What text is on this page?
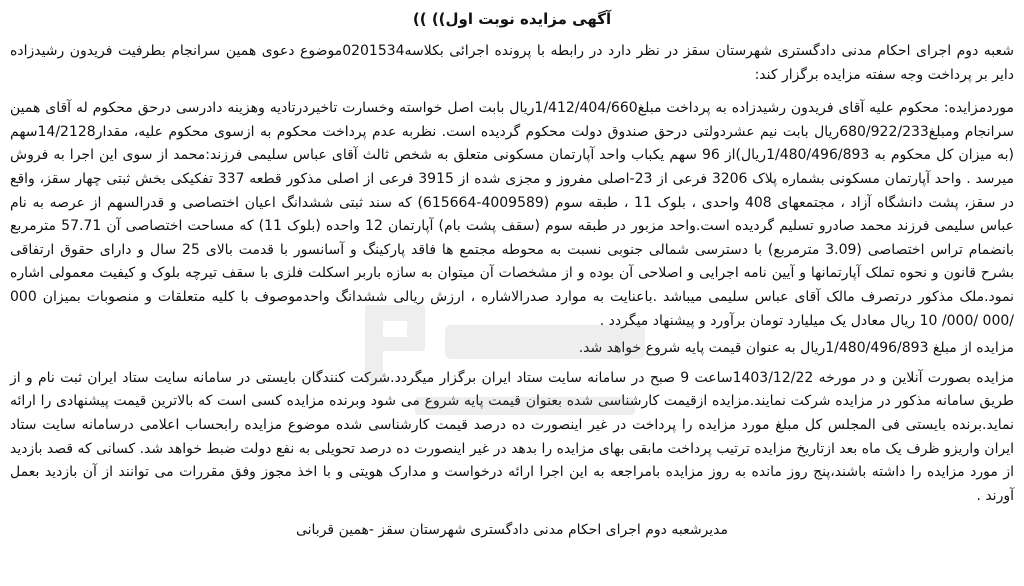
آگهی مزایده نوبت اول)) ))

شعبه دوم اجرای احکام مدنی دادگستری شهرستان سقز در نظر دارد در رابطه با پرونده اجرائی بکلاسه0201534موضوع دعوی همین سرانجام بطرفیت فریدون رشیدزاده دایر بر پرداخت وجه سفته مزایده برگزار کند:

موردمزایده: محکوم علیه آقای فریدون رشیدزاده به پرداخت مبلغ1/412/404/660ریال بابت اصل خواسته وخسارت تاخیردرتادیه وهزینه دادرسی درحق محکوم له آقای همین سرانجام ومبلغ680/922/233ریال بابت نیم عشردولتی درحق صندوق دولت محکوم گردیده است. نظربه عدم پرداخت محکوم به ازسوی محکوم علیه، مقدار14/2128سهم (به میزان کل محکوم به 1/480/496/893ریال)از 96 سهم یکباب واحد آپارتمان مسکونی متعلق به شخص ثالث آقای عباس سلیمی فرزند:محمد از سوی این اجرا به فروش میرسد . واحد آپارتمان مسکونی بشماره پلاک 3206 فرعی از 23-اصلی مفروز و مجزی شده از 3915 فرعی از اصلی مذکور قطعه 337 تفکیکی بخش ثبتی چهار سقز، واقع در سقز، پشت دانشگاه آزاد ، مجتمعهای 408 واحدی ، بلوک 11 ، طبقه سوم (4009589-615664) که سند ثبتی ششدانگ اعیان اختصاصی و قدرالسهم از عرصه به نام عباس سلیمی فرزند محمد صادرو تسلیم گردیده است.واحد مزبور در طبقه سوم (سقف پشت بام) آپارتمان 12 واحده (بلوک 11) که مساحت اختصاصی آن 57.71 مترمربع بانضمام تراس اختصاصی (3.09 مترمربع) با دسترسی شمالی جنوبی نسبت به محوطه مجتمع ها فاقد پارکینگ و آسانسور با قدمت بالای 25 سال و دارای حقوق ارتفاقی بشرح قانون و نحوه تملک آپارتمانها و آیین نامه اجرایی و اصلاحی آن بوده و از مشخصات آن میتوان به سازه باربر اسکلت فلزی با سقف تیرچه بلوک و کیفیت معمولی اشاره نمود.ملک مذکور درتصرف مالک آقای عباس سلیمی میباشد .باعنایت به موارد صدرالاشاره ، ارزش ریالی ششدانگ واحدموصوف با کلیه متعلقات و منصوبات بمیزان 000 /000 /000/ 10 ریال معادل یک میلیارد تومان برآورد و پیشنهاد میگردد .

مزایده از مبلغ 1/480/496/893ریال به عنوان قیمت پایه شروع خواهد شد.

مزایده بصورت آنلاین و در مورخه 1403/12/22ساعت 9 صبح در سامانه سایت ستاد ایران برگزار میگردد.شرکت کنندگان بایستی در سامانه سایت ستاد ایران ثبت نام و از طریق سامانه مذکور در مزایده شرکت نمایند.مزایده ازقیمت کارشناسی شده بعنوان قیمت پایه شروع می شود وبرنده مزایده کسی است که بالاترین قیمت پیشنهادی را ارائه نماید.برنده بایستی فی المجلس کل مبلغ مورد مزایده را پرداخت در غیر اینصورت ده درصد قیمت کارشناسی شده موضوع مزایده رابحساب اعلامی درسامانه سایت ستاد ایران واریزو ظرف یک ماه بعد ازتاریخ مزایده ترتیب پرداخت مابقی بهای مزایده را بدهد در غیر اینصورت ده درصد تحویلی به نفع دولت ضبط خواهد شد. کسانی که قصد بازدید از مورد مزایده را داشته باشند،پنج روز مانده به روز مزایده بامراجعه به این اجرا ارائه درخواست و مدارک هویتی و با اخذ مجوز وفق مقررات می توانند از آن بازدید بعمل آورند .

مدیرشعبه دوم اجرای احکام مدنی دادگستری شهرستان سقز -همین قربانی
